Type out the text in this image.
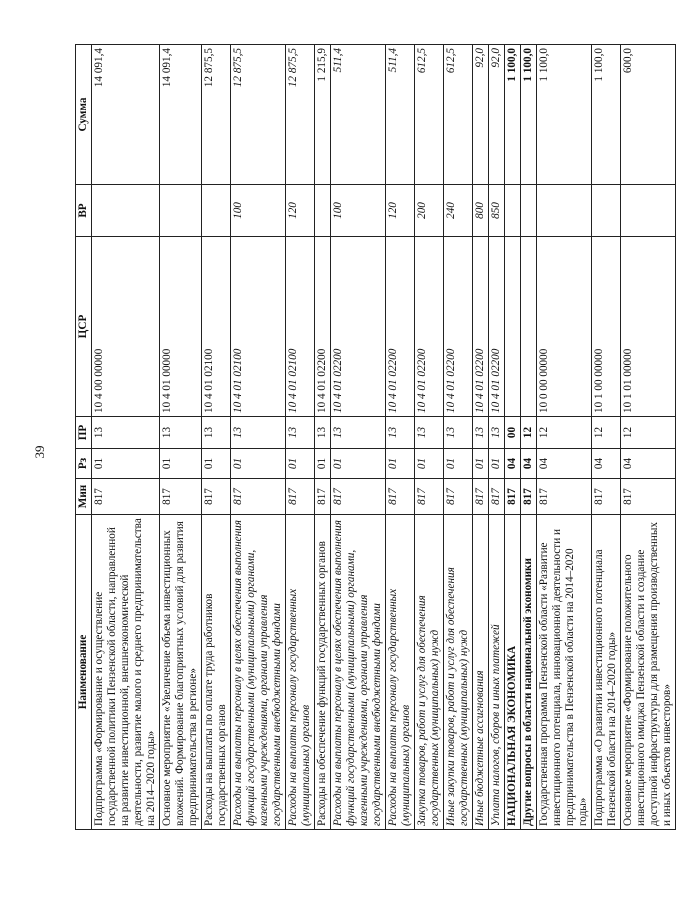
39
Наименование	Мин	Рз	ПР	ЦСР	ВР	Сумма
Подпрограмма «Формирование и осуществление государственной политики Пензенской области, направленной на развитие инвестиционной, внешнеэкономической деятельности, развитие малого и среднего предпринимательства на 2014–2020 годы»	817	01	13	10 4 00 00000		14 091,4
Основное мероприятие «Увеличение объема инвестиционных вложений. Формирование благоприятных условий для развития предпринимательства в регионе»	817	01	13	10 4 01 00000		14 091,4
Расходы на выплаты по оплате труда работников государственных органов	817	01	13	10 4 01 02100		12 875,5
Расходы на выплаты персоналу в целях обеспечения выполнения функций государственными (муниципальными) органами, казенными учреждениями, органами управления государственными внебюджетными фондами	817	01	13	10 4 01 02100	100	12 875,5
Расходы на выплаты персоналу государственных (муниципальных) органов	817	01	13	10 4 01 02100	120	12 875,5
Расходы на обеспечение функций государственных органов	817	01	13	10 4 01 02200		1 215,9
Расходы на выплаты персоналу в целях обеспечения выполнения функций государственными (муниципальными) органами, казенными учреждениями, органами управления государственными внебюджетными фондами	817	01	13	10 4 01 02200	100	511,4
Расходы на выплаты персоналу государственных (муниципальных) органов	817	01	13	10 4 01 02200	120	511,4
Закупка товаров, работ и услуг для обеспечения государственных (муниципальных) нужд	817	01	13	10 4 01 02200	200	612,5
Иные закупки товаров, работ и услуг для обеспечения государственных (муниципальных) нужд	817	01	13	10 4 01 02200	240	612,5
Иные бюджетные ассигнования	817	01	13	10 4 01 02200	800	92,0
Уплата налогов, сборов и иных платежей	817	01	13	10 4 01 02200	850	92,0
НАЦИОНАЛЬНАЯ ЭКОНОМИКА	817	04	00			1 100,0
Другие вопросы в области национальной экономики	817	04	12			1 100,0
Государственная программа Пензенской области «Развитие инвестиционного потенциала, инновационной деятельности и предпринимательства в Пензенской области на 2014–2020 годы»	817	04	12	10 0 00 00000		1 100,0
Подпрограмма «О развитии инвестиционного потенциала Пензенской области на 2014–2020 годы»	817	04	12	10 1 00 00000		1 100,0
Основное мероприятие «Формирование положительного инвестиционного имиджа Пензенской области и создание доступной инфраструктуры для размещения производственных и иных объектов инвесторов»	817	04	12	10 1 01 00000		600,0
